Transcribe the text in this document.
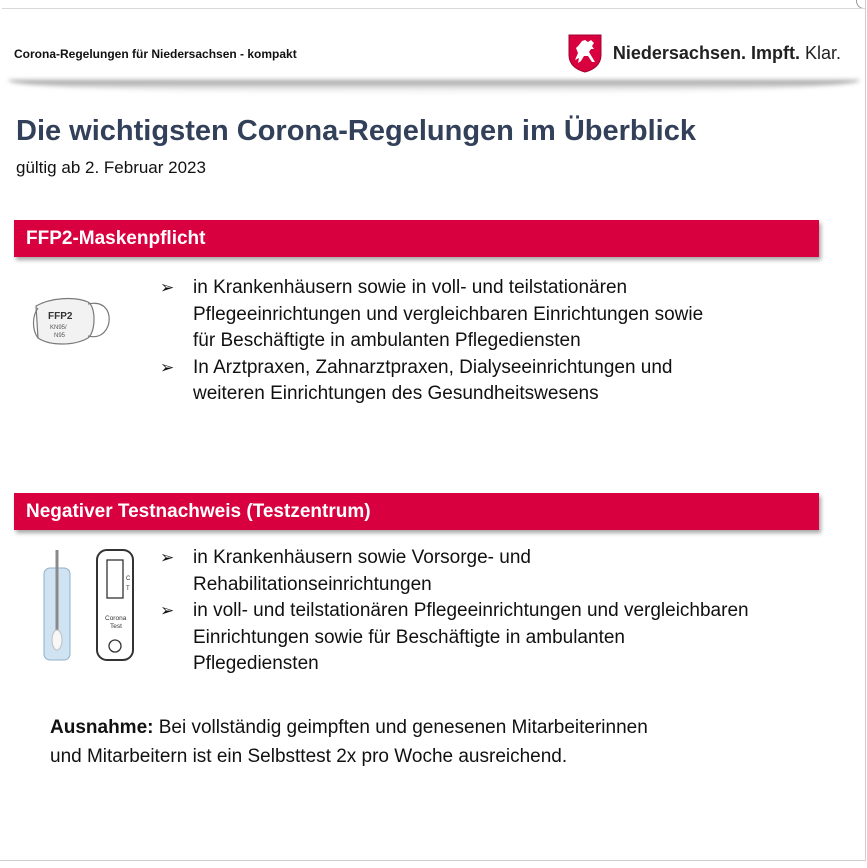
Corona-Regelungen für Niedersachsen - kompakt	Niedersachsen. Impft. Klar.
Die wichtigsten Corona-Regelungen im Überblick
gültig ab 2. Februar 2023
FFP2-Maskenpflicht
FFP2
KN95/
N95
➢ in Krankenhäusern sowie in voll- und teilstationären
Pflegeeinrichtungen und vergleichbaren Einrichtungen sowie
für Beschäftigte in ambulanten Pflegediensten
➢ In Arztpraxen, Zahnarztpraxen, Dialyseeinrichtungen und
weiteren Einrichtungen des Gesundheitswesens
Negativer Testnachweis (Testzentrum)
C
T
Corona
Test
➢ in Krankenhäusern sowie Vorsorge- und
Rehabilitationseinrichtungen
➢ in voll- und teilstationären Pflegeeinrichtungen und vergleichbaren
Einrichtungen sowie für Beschäftigte in ambulanten
Pflegediensten
Ausnahme: Bei vollständig geimpften und genesenen Mitarbeiterinnen
und Mitarbeitern ist ein Selbsttest 2x pro Woche ausreichend.
